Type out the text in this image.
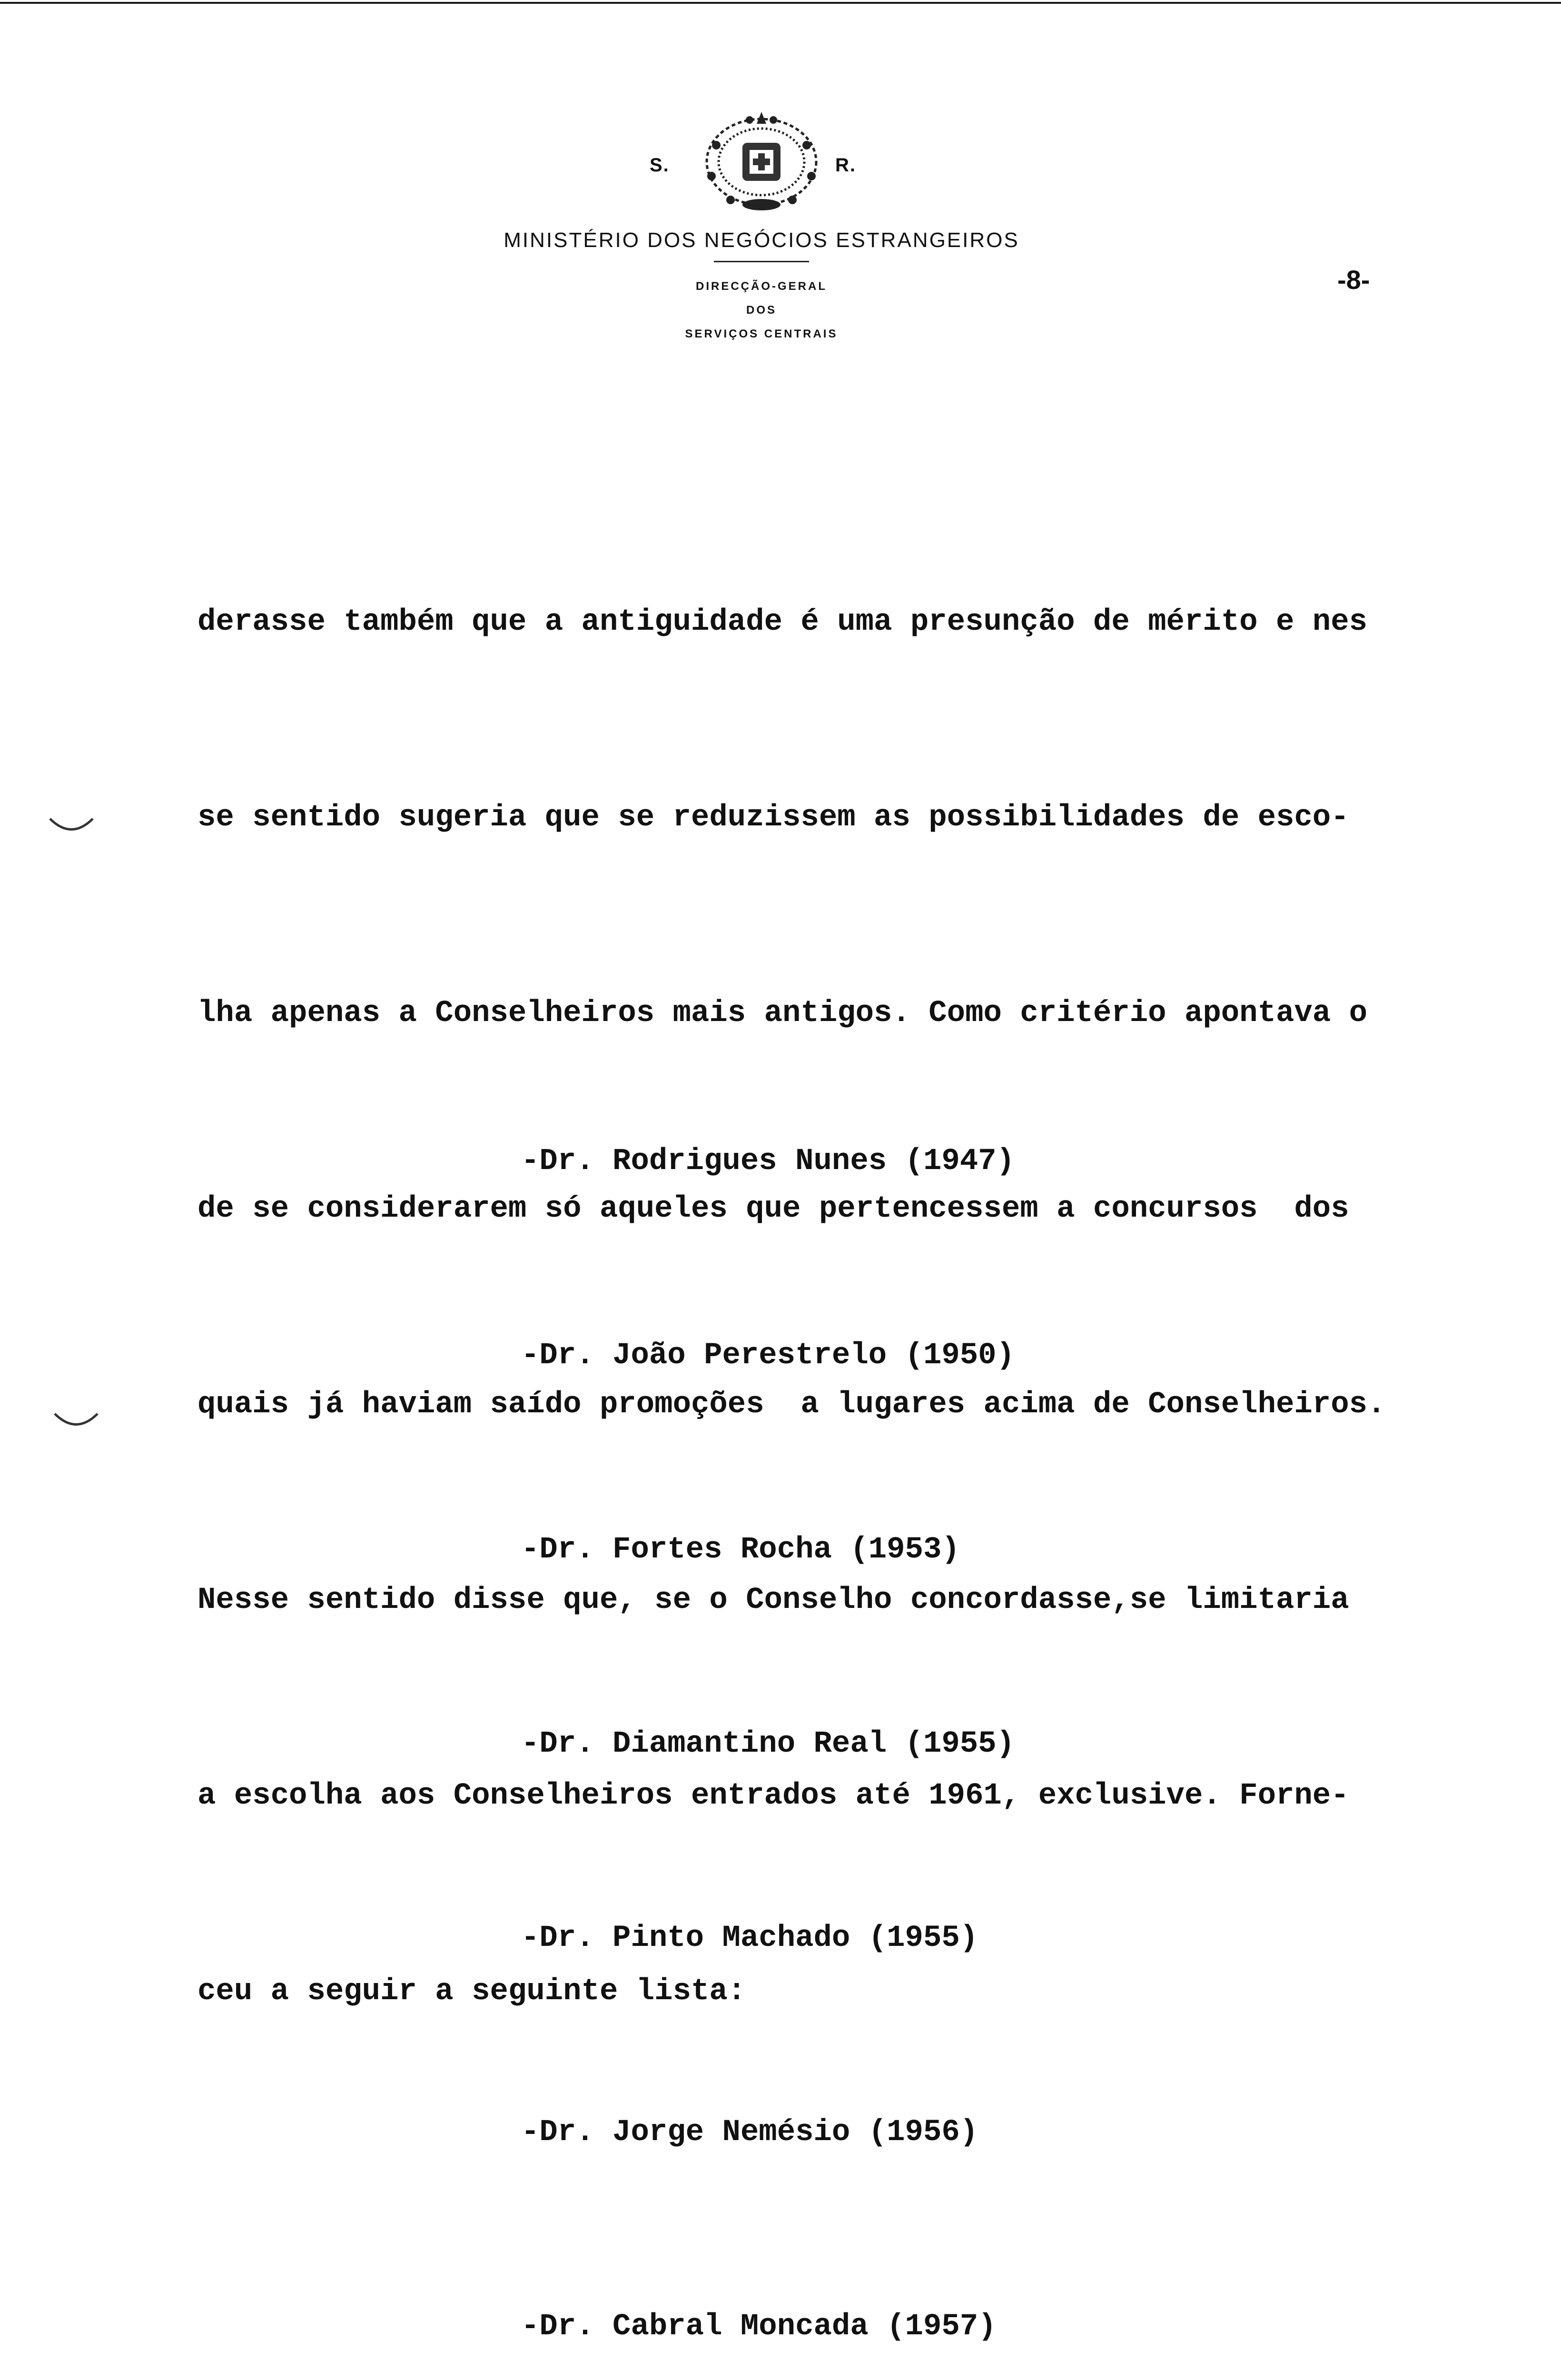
S.	R.
MINISTÉRIO DOS NEGÓCIOS ESTRANGEIROS
DIRECÇÃO-GERAL
DOS
SERVIÇOS CENTRAIS
-8-

derasse também que a antiguidade é uma presunção de mérito e nes

se sentido sugeria que se reduzissem as possibilidades de esco-

lha apenas a Conselheiros mais antigos. Como critério apontava o

de se considerarem só aqueles que pertencessem a concursos  dos

quais já haviam saído promoções  a lugares acima de Conselheiros.

Nesse sentido disse que, se o Conselho concordasse,se limitaria

a escolha aos Conselheiros entrados até 1961, exclusive. Forne-

ceu a seguir a seguinte lista:

-Dr. Rodrigues Nunes (1947)

-Dr. João Perestrelo (1950)

-Dr. Fortes Rocha (1953)

-Dr. Diamantino Real (1955)

-Dr. Pinto Machado (1955)

-Dr. Jorge Nemésio (1956)

-Dr. Cabral Moncada (1957)
